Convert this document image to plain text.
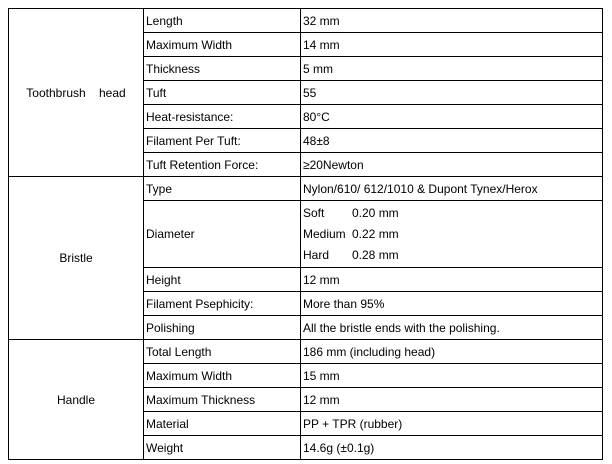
Toothbrush    head	Length	32 mm
	Maximum Width	14 mm
	Thickness	5 mm
	Tuft	55
	Heat-resistance:	80°C
	Filament Per Tuft:	48±8
	Tuft Retention Force:	≥20Newton
Bristle	Type	Nylon/610/ 612/1010 & Dupont Tynex/Herox
	Diameter	Soft 0.20 mm
Medium 0.22 mm
Hard 0.28 mm

	Height	12 mm
	Filament Psephicity:	More than 95%
	Polishing	All the bristle ends with the polishing.
Handle	Total Length	186 mm (including head)
	Maximum Width	15 mm
	Maximum Thickness	12 mm
	Material	PP + TPR (rubber)
	Weight	14.6g (±0.1g)
